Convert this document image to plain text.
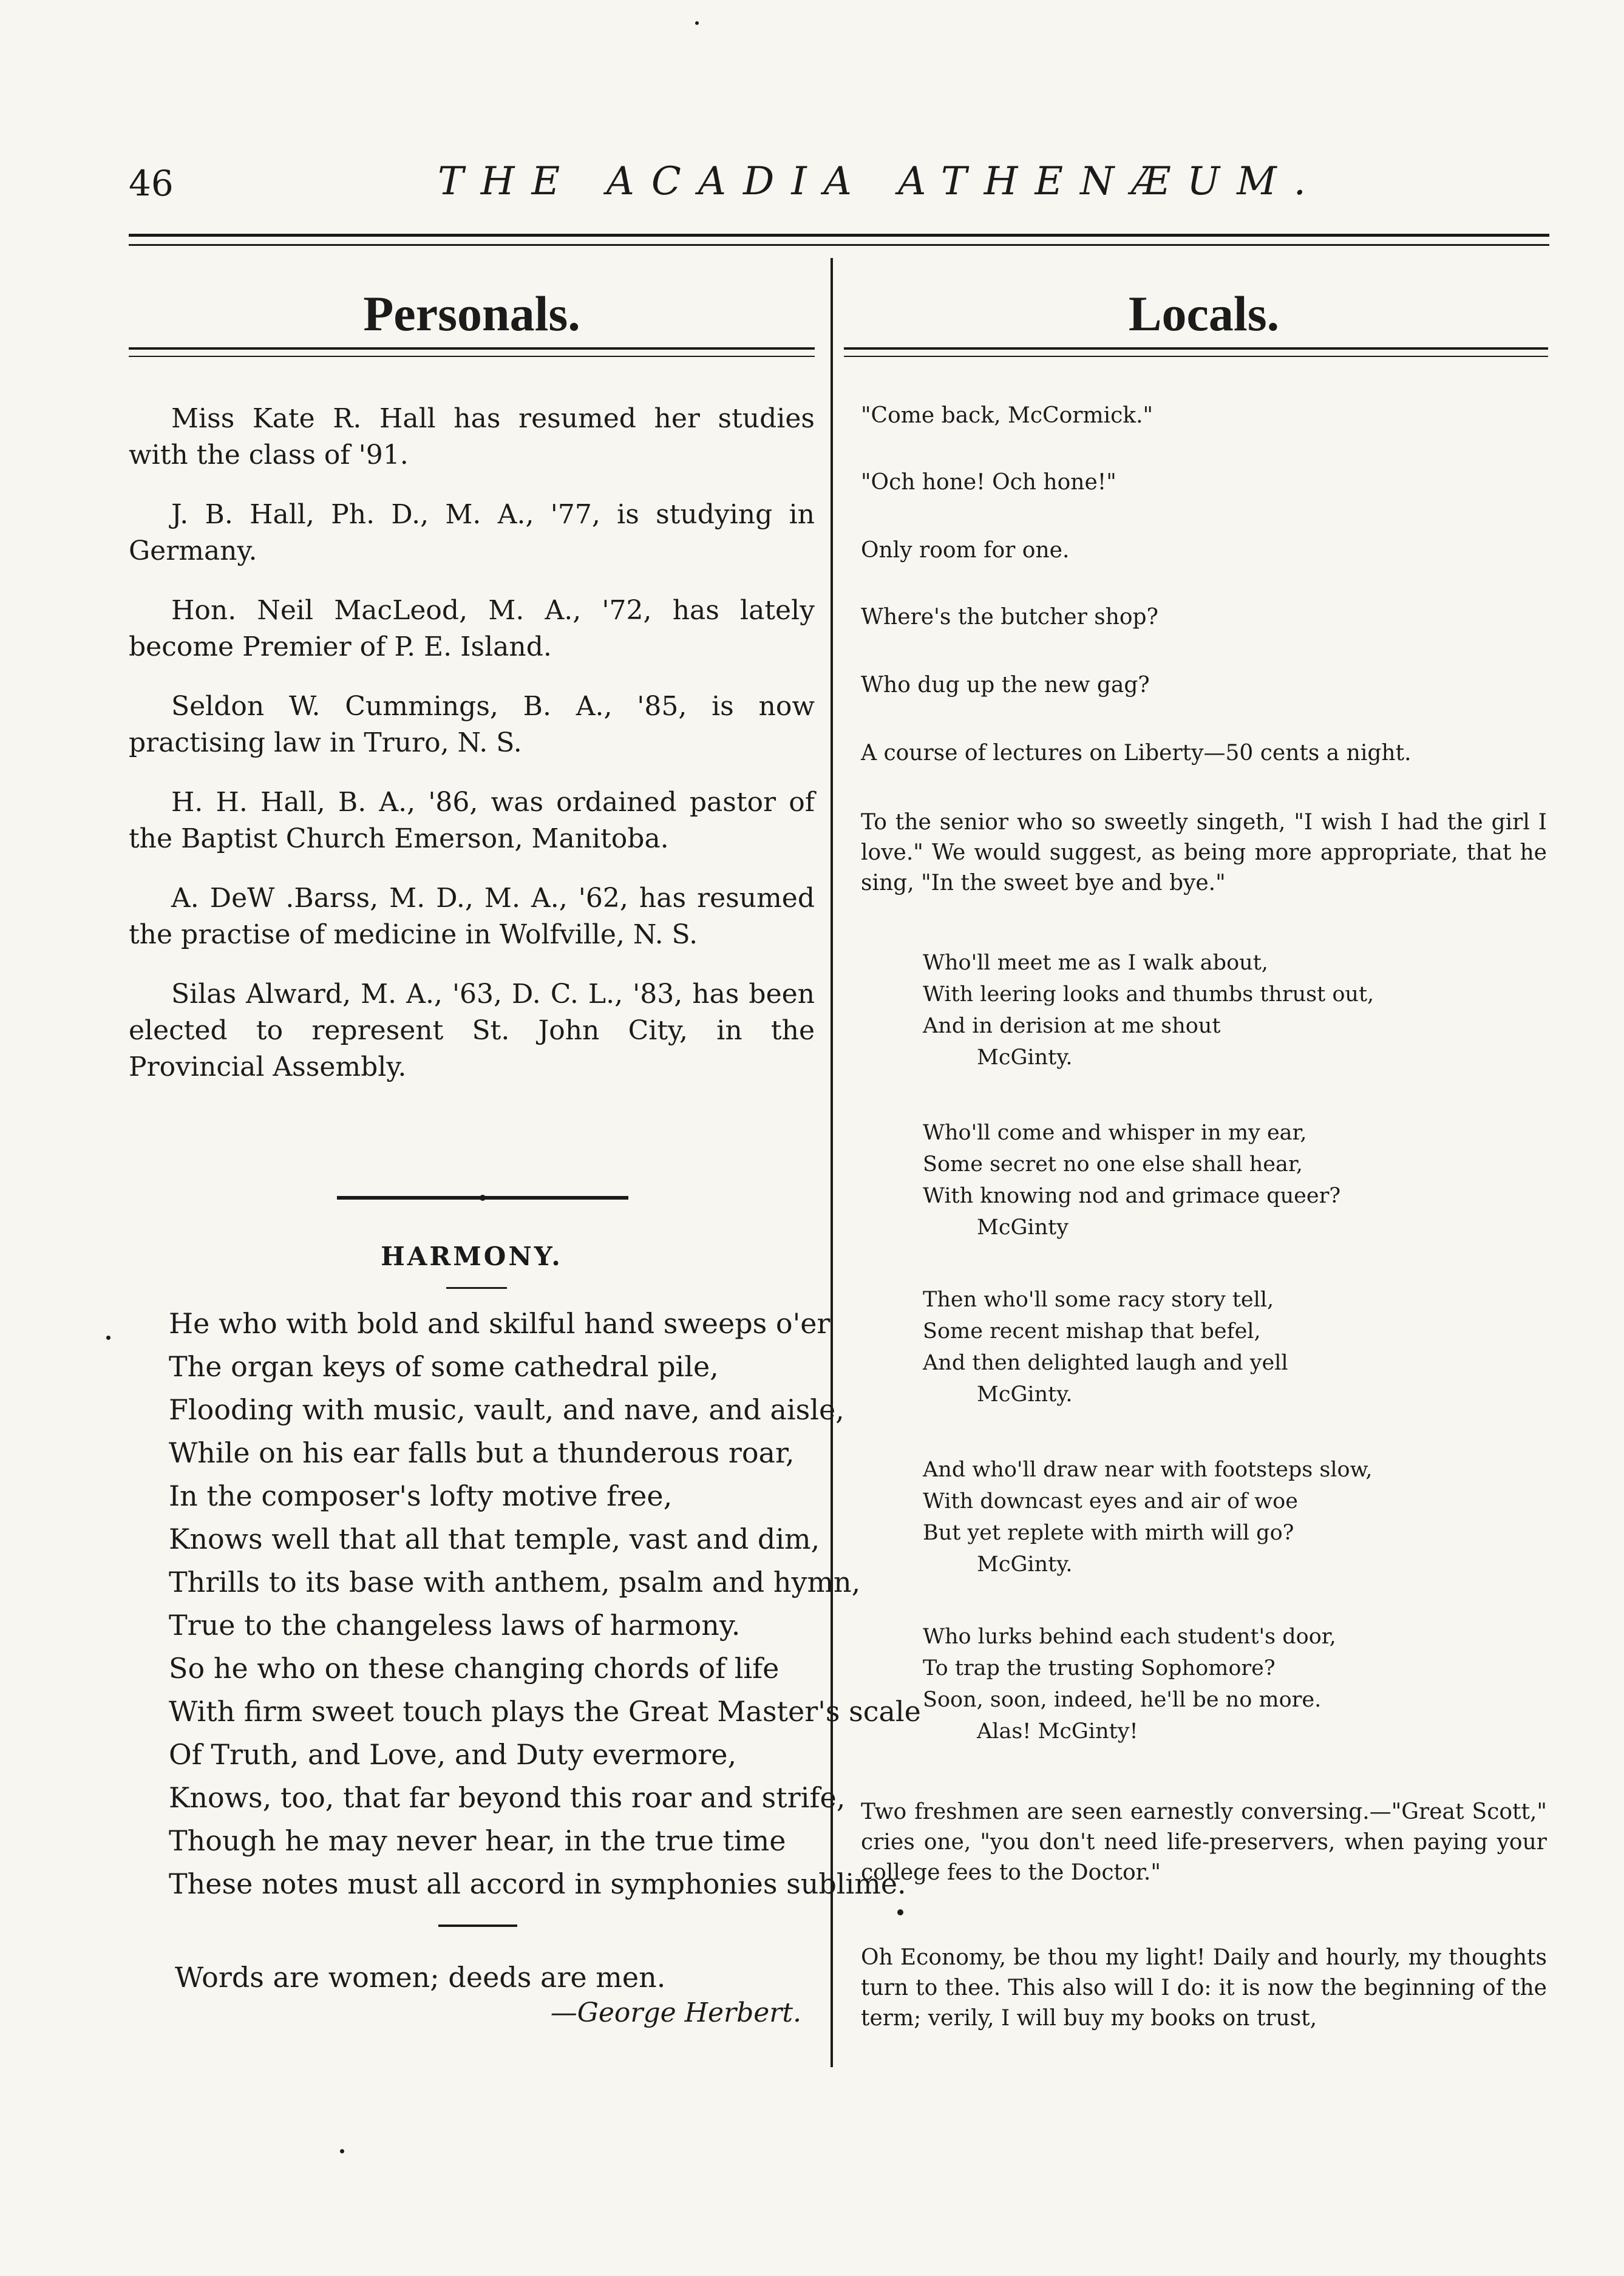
46	THE ACADIA ATHENÆUM.
Personals.

Miss Kate R. Hall has resumed her studies with the class of '91.

J. B. Hall, Ph. D., M. A., '77, is studying in Germany.

Hon. Neil MacLeod, M. A., '72, has lately become Premier of P. E. Island.

Seldon W. Cummings, B. A., '85, is now practising law in Truro, N. S.

H. H. Hall, B. A., '86, was ordained pastor of the Baptist Church Emerson, Manitoba.

A. DeW .Barss, M. D., M. A., '62, has resumed the practise of medicine in Wolfville, N. S.

Silas Alward, M. A., '63, D. C. L., '83, has been elected to represent St. John City, in the Provincial Assembly.

HARMONY.
He who with bold and skilful hand sweeps o'er
The organ keys of some cathedral pile,
Flooding with music, vault, and nave, and aisle,
While on his ear falls but a thunderous roar,
In the composer's lofty motive free,
Knows well that all that temple, vast and dim,
Thrills to its base with anthem, psalm and hymn,
True to the changeless laws of harmony.
So he who on these changing chords of life
With firm sweet touch plays the Great Master's scale
Of Truth, and Love, and Duty evermore,
Knows, too, that far beyond this roar and strife,
Though he may never hear, in the true time
These notes must all accord in symphonies sublime.
Words are women; deeds are men.
—George Herbert.
Locals.

"Come back, McCormick."

"Och hone! Och hone!"

Only room for one.

Where's the butcher shop?

Who dug up the new gag?

A course of lectures on Liberty—50 cents a night.

To the senior who so sweetly singeth, "I wish I had the girl I love." We would suggest, as being more appropriate, that he sing, "In the sweet bye and bye."
Who'll meet me as I walk about,
With leering looks and thumbs thrust out,
And in derision at me shout
McGinty.
Who'll come and whisper in my ear,
Some secret no one else shall hear,
With knowing nod and grimace queer?
McGinty
Then who'll some racy story tell,
Some recent mishap that befel,
And then delighted laugh and yell
McGinty.
And who'll draw near with footsteps slow,
With downcast eyes and air of woe
But yet replete with mirth will go?
McGinty.
Who lurks behind each student's door,
To trap the trusting Sophomore?
Soon, soon, indeed, he'll be no more.
Alas! McGinty!
Two freshmen are seen earnestly conversing.—"Great Scott," cries one, "you don't need life-preservers, when paying your college fees to the Doctor."
Oh Economy, be thou my light! Daily and hourly, my thoughts turn to thee. This also will I do: it is now the beginning of the term; verily, I will buy my books on trust,
